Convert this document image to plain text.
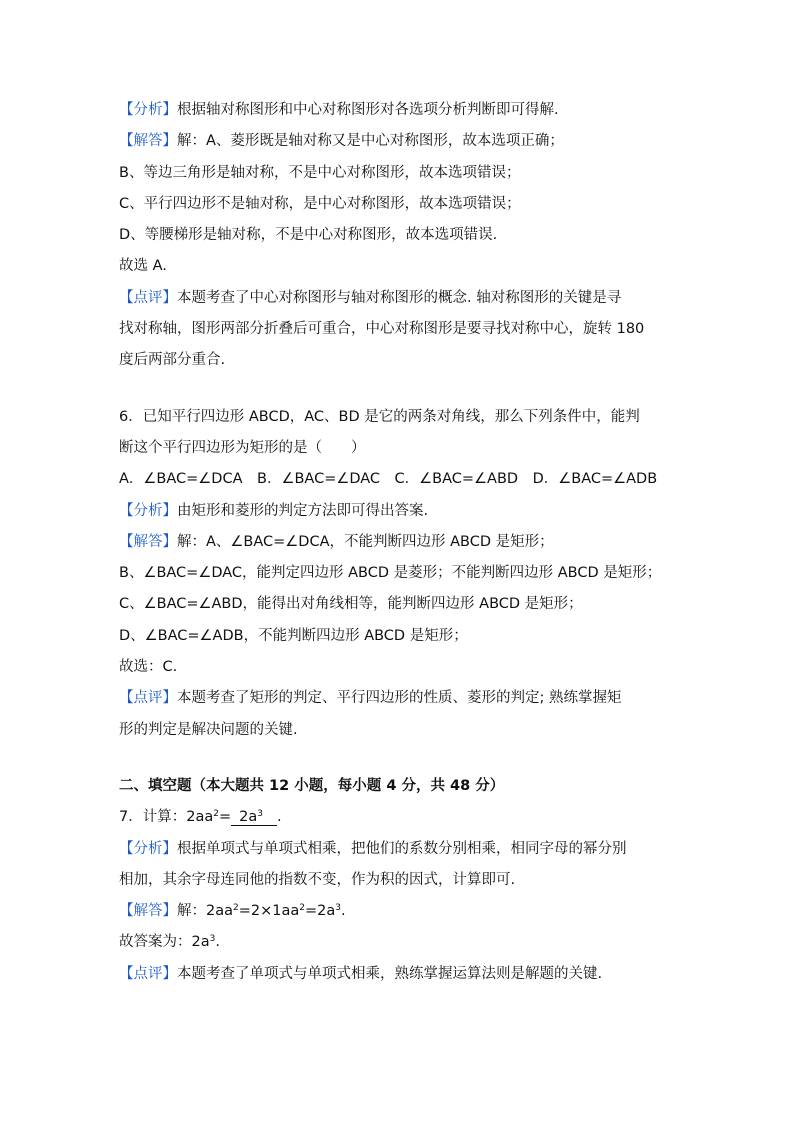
【分析】根据轴对称图形和中心对称图形对各选项分析判断即可得解.

【解答】解：A、菱形既是轴对称又是中心对称图形，故本选项正确；

B、等边三角形是轴对称，不是中心对称图形，故本选项错误；

C、平行四边形不是轴对称，是中心对称图形，故本选项错误；

D、等腰梯形是轴对称，不是中心对称图形，故本选项错误.

故选 A.

【点评】本题考查了中心对称图形与轴对称图形的概念. 轴对称图形的关键是寻

找对称轴，图形两部分折叠后可重合，中心对称图形是要寻找对称中心，旋转 180

度后两部分重合.

6．已知平行四边形 ABCD，AC、BD 是它的两条对角线，那么下列条件中，能判

断这个平行四边形为矩形的是（　　）

A．∠BAC=∠DCA　B．∠BAC=∠DAC　C．∠BAC=∠ABD　D．∠BAC=∠ADB

【分析】由矩形和菱形的判定方法即可得出答案.

【解答】解：A、∠BAC=∠DCA，不能判断四边形 ABCD 是矩形；

B、∠BAC=∠DAC，能判定四边形 ABCD 是菱形；不能判断四边形 ABCD 是矩形；

C、∠BAC=∠ABD，能得出对角线相等，能判断四边形 ABCD 是矩形；

D、∠BAC=∠ADB，不能判断四边形 ABCD 是矩形；

故选：C.

【点评】本题考查了矩形的判定、平行四边形的性质、菱形的判定; 熟练掌握矩

形的判定是解决问题的关键.

二、填空题（本大题共 12 小题，每小题 4 分，共 48 分）

7．计算：$2aa^2= 2a^3$ .

【分析】根据单项式与单项式相乘，把他们的系数分别相乘，相同字母的幂分别

相加，其余字母连同他的指数不变，作为积的因式，计算即可.

【解答】解：$2aa^2=2\times 1aa^2=2a^3$.

故答案为：$2a^3$.

【点评】本题考查了单项式与单项式相乘，熟练掌握运算法则是解题的关键.
